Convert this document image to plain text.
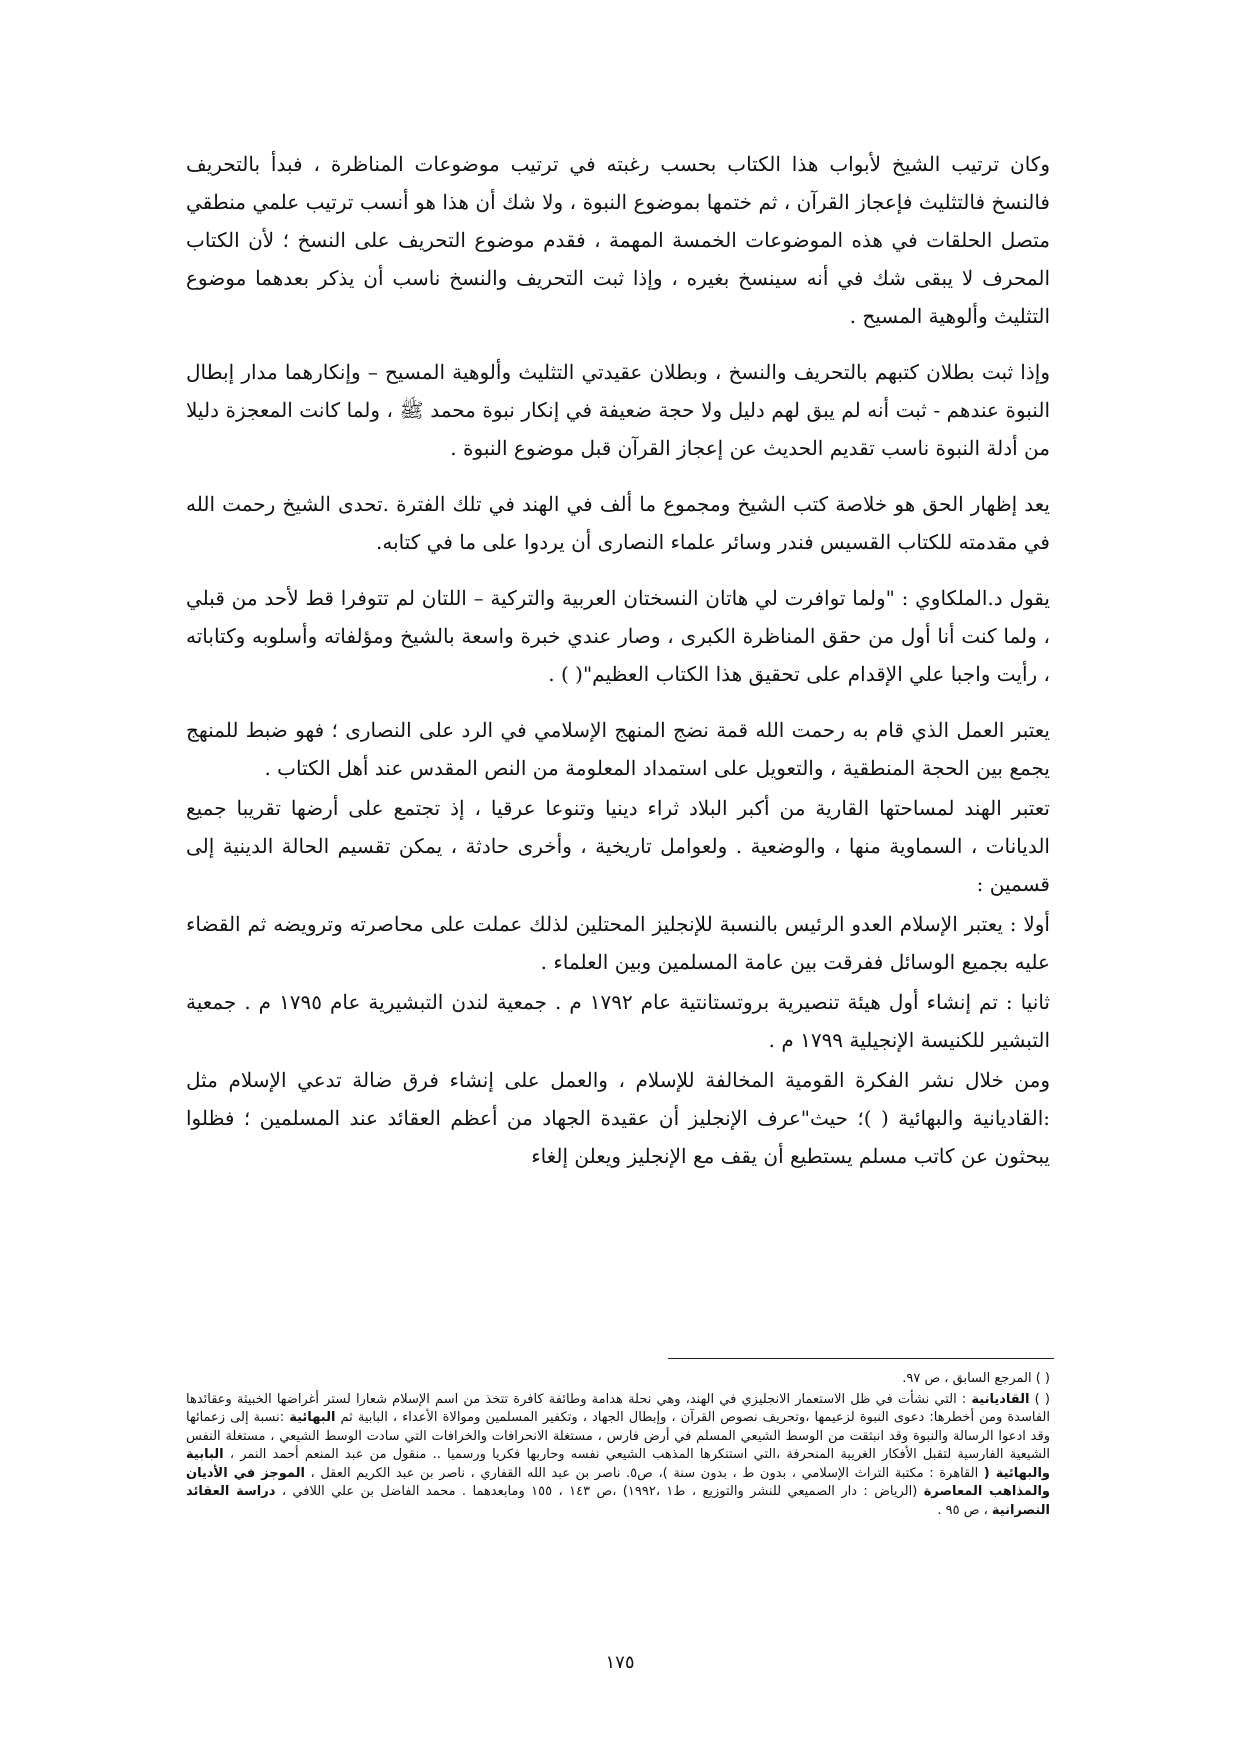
وكان ترتيب الشيخ لأبواب هذا الكتاب بحسب رغبته في ترتيب موضوعات المناظرة ، فبدأ بالتحريف فالنسخ فالتثليث فإعجاز القرآن ، ثم ختمها بموضوع النبوة ، ولا شك أن هذا هو أنسب ترتيب علمي منطقي متصل الحلقات في هذه الموضوعات الخمسة المهمة ، فقدم موضوع التحريف على النسخ ؛ لأن الكتاب المحرف لا يبقى شك في أنه سينسخ بغيره ، وإذا ثبت التحريف والنسخ ناسب أن يذكر بعدهما موضوع التثليث وألوهية المسيح .

وإذا ثبت بطلان كتبهم بالتحريف والنسخ ، وبطلان عقيدتي التثليث وألوهية المسيح – وإنكارهما مدار إبطال النبوة عندهم - ثبت أنه لم يبق لهم دليل ولا حجة ضعيفة في إنكار نبوة محمد ﷺ ، ولما كانت المعجزة دليلا من أدلة النبوة ناسب تقديم الحديث عن إعجاز القرآن قبل موضوع النبوة .

يعد إظهار الحق هو خلاصة كتب الشيخ ومجموع ما ألف في الهند في تلك الفترة .تحدى الشيخ رحمت الله في مقدمته للكتاب القسيس فندر وسائر علماء النصارى أن يردوا على ما في كتابه.

يقول د.الملكاوي : "ولما توافرت لي هاتان النسختان العربية والتركية – اللتان لم تتوفرا قط لأحد من قبلي ، ولما كنت أنا أول من حقق المناظرة الكبرى ، وصار عندي خبرة واسعة بالشيخ ومؤلفاته وأسلوبه وكتاباته ، رأيت واجبا علي الإقدام على تحقيق هذا الكتاب العظيم"( ) .

يعتبر العمل الذي قام به رحمت الله قمة نضج المنهج الإسلامي في الرد على النصارى ؛ فهو ضبط للمنهج يجمع بين الحجة المنطقية ، والتعويل على استمداد المعلومة من النص المقدس عند أهل الكتاب .

تعتبر الهند لمساحتها القارية من أكبر البلاد ثراء دينيا وتنوعا عرقيا ، إذ تجتمع على أرضها تقريبا جميع الديانات ، السماوية منها ، والوضعية . ولعوامل تاريخية ، وأخرى حادثة ، يمكن تقسيم الحالة الدينية إلى قسمين :

أولا : يعتبر الإسلام العدو الرئيس بالنسبة للإنجليز المحتلين لذلك عملت على محاصرته وترويضه ثم القضاء عليه بجميع الوسائل ففرقت بين عامة المسلمين وبين العلماء .

ثانيا : تم إنشاء أول هيئة تنصيرية بروتستانتية عام ١٧٩٢ م . جمعية لندن التبشيرية عام ١٧٩٥ م . جمعية التبشير للكنيسة الإنجيلية ١٧٩٩ م .

ومن خلال نشر الفكرة القومية المخالفة للإسلام ، والعمل على إنشاء فرق ضالة تدعي الإسلام مثل :القاديانية والبهائية ( )؛ حيث"عرف الإنجليز أن عقيدة الجهاد من أعظم العقائد عند المسلمين ؛ فظلوا يبحثون عن كاتب مسلم يستطيع أن يقف مع الإنجليز ويعلن إلغاء

( ) المرجع السابق ، ص ٩٧.

( ) القاديانية : التي نشأت في ظل الاستعمار الانجليزي في الهند، وهي نحلة هدامة وطائفة كافرة تتخذ من اسم الإسلام شعارا لستر أغراضها الخبيثة وعقائدها الفاسدة ومن أخطرها: دعوى النبوة لزعيمها ،وتحريف نصوص القرآن ، وإبطال الجهاد ، وتكفير المسلمين وموالاة الأعداء ، البابية ثم البهائية :نسبة إلى زعمائها وقد ادعوا الرسالة والنبوة وقد انبثقت من الوسط الشيعي المسلم في أرض فارس ، مستغلة الانحرافات والخرافات التي سادت الوسط الشيعي ، مستغلة النفس الشيعية الفارسية لتقبل الأفكار الغريبة المنحرفة ،التي استنكرها المذهب الشيعي نفسه وحاربها فكريا ورسميا .. منقول من عبد المنعم أحمد النمر ، البابية والبهائية ( القاهرة : مكتبة التراث الإسلامي ، بدون ط ، بدون سنة )، ص٥. ناصر بن عبد الله القفاري ، ناصر بن عبد الكريم العقل ، الموجز في الأديان والمذاهب المعاصرة (الرياض : دار الصميعي للنشر والتوزيع ، ط١ ،١٩٩٢) ،ص ١٤٣ ، ١٥٥ ومابعدهما . محمد الفاضل بن علي اللافي ، دراسة العقائد النصرانية ، ص ٩٥ .

١٧٥
